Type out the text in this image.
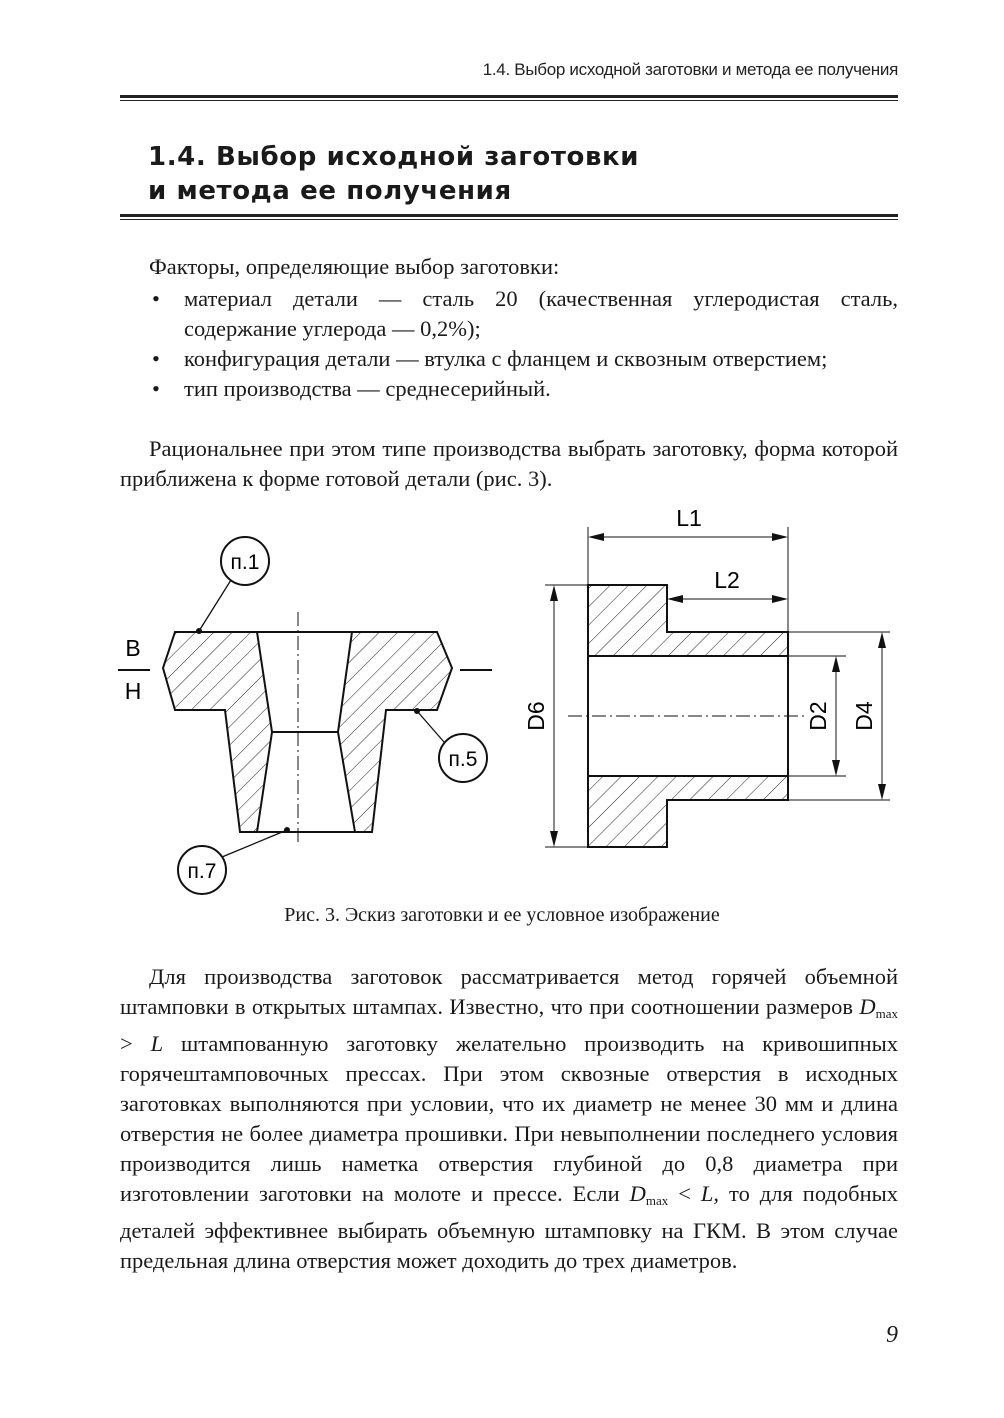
1.4. Выбор исходной заготовки и метода ее получения
1.4. Выбор исходной заготовки
и метода ее получения
Факторы, определяющие выбор заготовки:
• материал детали — сталь 20 (качественная углеродистая сталь, содержание углерода — 0,2%);
• конфигурация детали — втулка с фланцем и сквозным отверстием;
• тип производства — среднесерийный.

Рациональнее при этом типе производства выбрать заготовку, форма которой приближена к форме готовой детали (рис. 3).

п.1
п.5
п.7
В
Н
L1
L2
D6	D2 D4
Рис. 3. Эскиз заготовки и ее условное изображение

Для производства заготовок рассматривается метод горячей объемной штамповки в открытых штампах. Известно, что при соотношении размеров $D_{max} > L$ штампованную заготовку желательно производить на кривошипных горячештамповочных прессах. При этом сквозные отверстия в исходных заготовках выполняются при условии, что их диаметр не менее 30 мм и длина отверстия не более диаметра прошивки. При невыполнении последнего условия производится лишь наметка отверстия глубиной до 0,8 диаметра при изготовлении заготовки на молоте и прессе. Если $D_{max} < L$, то для подобных деталей эффективнее выбирать объемную штамповку на ГКМ. В этом случае предельная длина отверстия может доходить до трех диаметров.

9
